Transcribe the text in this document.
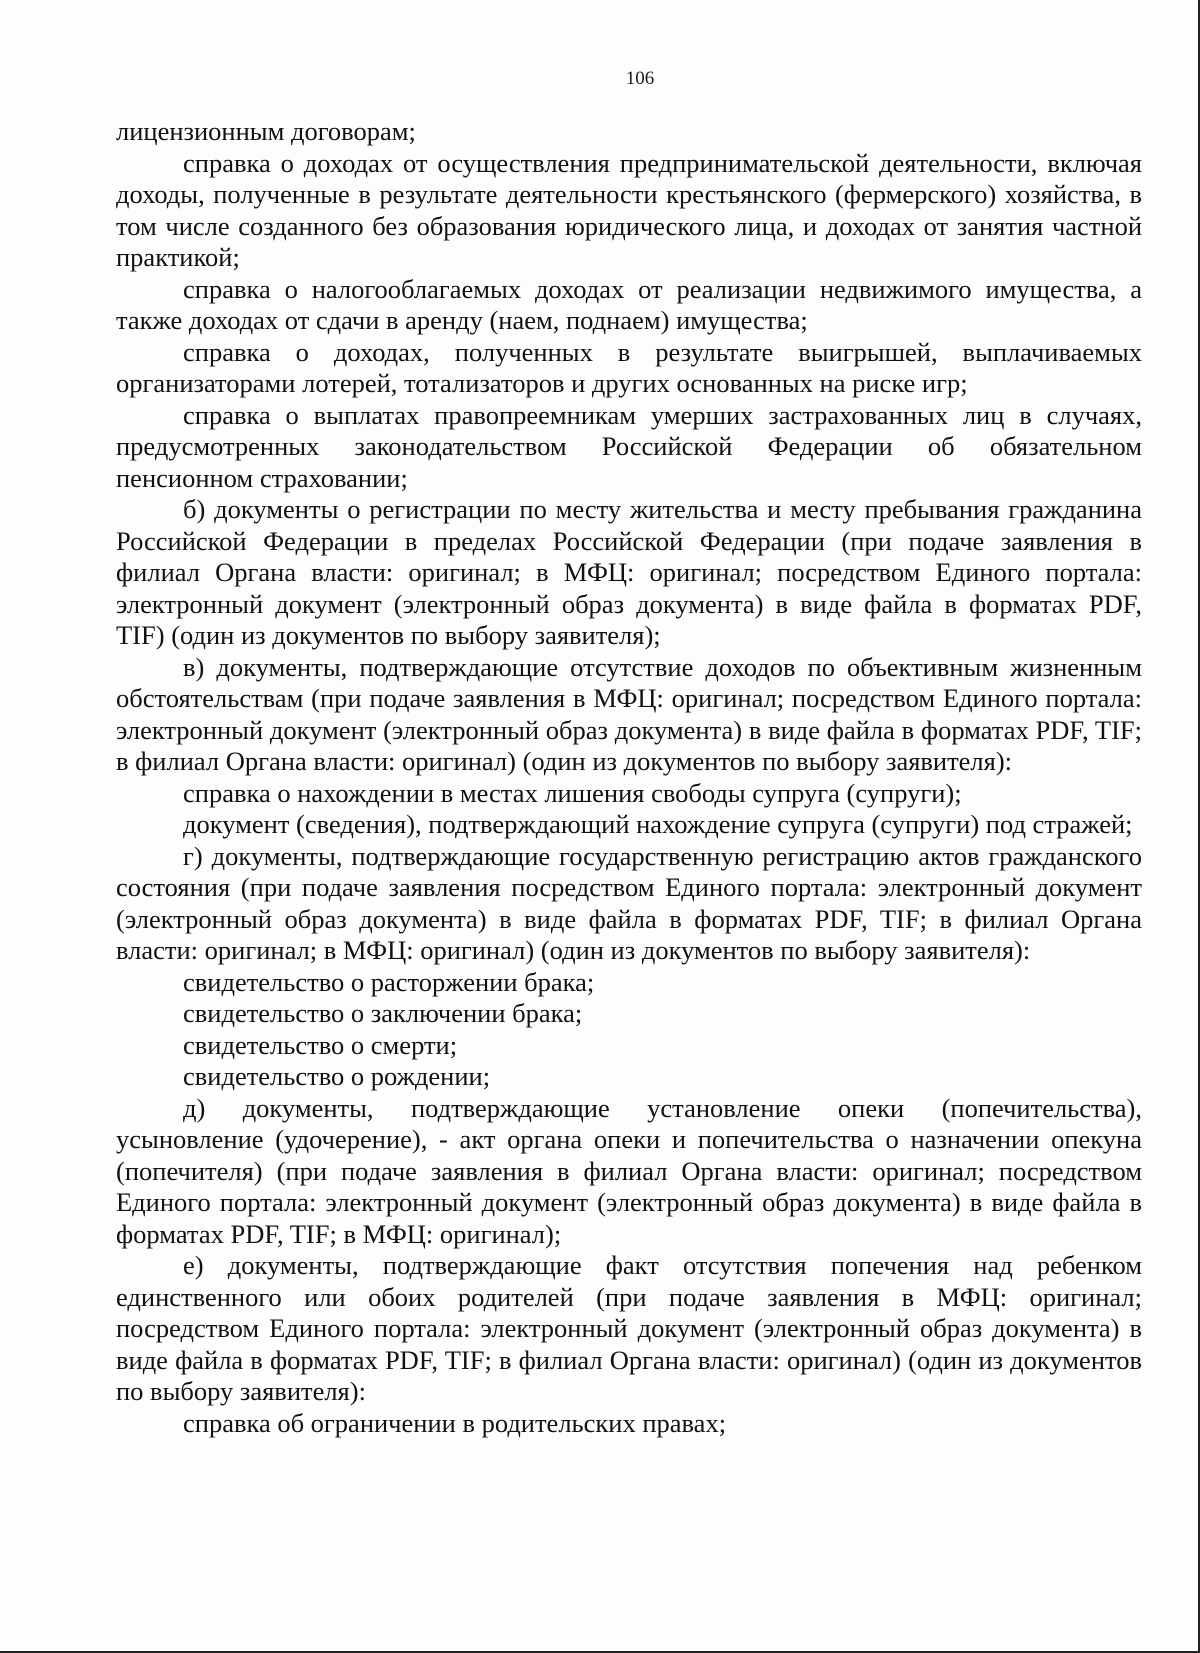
106

лицензионным договорам;

справка о доходах от осуществления предпринимательской деятельности, включая доходы, полученные в результате деятельности крестьянского (фермерского) хозяйства, в том числе созданного без образования юридического лица, и доходах от занятия частной практикой;

справка о налогооблагаемых доходах от реализации недвижимого имущества, а также доходах от сдачи в аренду (наем, поднаем) имущества;

справка о доходах, полученных в результате выигрышей, выплачиваемых организаторами лотерей, тотализаторов и других основанных на риске игр;

справка о выплатах правопреемникам умерших застрахованных лиц в случаях, предусмотренных законодательством Российской Федерации об обязательном пенсионном страховании;

б) документы о регистрации по месту жительства и месту пребывания гражданина Российской Федерации в пределах Российской Федерации (при подаче заявления в филиал Органа власти: оригинал; в МФЦ: оригинал; посредством Единого портала: электронный документ (электронный образ документа) в виде файла в форматах PDF, TIF) (один из документов по выбору заявителя);

в) документы, подтверждающие отсутствие доходов по объективным жизненным обстоятельствам (при подаче заявления в МФЦ: оригинал; посредством Единого портала: электронный документ (электронный образ документа) в виде файла в форматах PDF, TIF; в филиал Органа власти: оригинал) (один из документов по выбору заявителя):

справка о нахождении в местах лишения свободы супруга (супруги);

документ (сведения), подтверждающий нахождение супруга (супруги) под стражей;

г) документы, подтверждающие государственную регистрацию актов гражданского состояния (при подаче заявления посредством Единого портала: электронный документ (электронный образ документа) в виде файла в форматах PDF, TIF; в филиал Органа власти: оригинал; в МФЦ: оригинал) (один из документов по выбору заявителя):

свидетельство о расторжении брака;

свидетельство о заключении брака;

свидетельство о смерти;

свидетельство о рождении;

д) документы, подтверждающие установление опеки (попечительства), усыновление (удочерение), - акт органа опеки и попечительства о назначении опекуна (попечителя) (при подаче заявления в филиал Органа власти: оригинал; посредством Единого портала: электронный документ (электронный образ документа) в виде файла в форматах PDF, TIF; в МФЦ: оригинал);

е) документы, подтверждающие факт отсутствия попечения над ребенком единственного или обоих родителей (при подаче заявления в МФЦ: оригинал; посредством Единого портала: электронный документ (электронный образ документа) в виде файла в форматах PDF, TIF; в филиал Органа власти: оригинал) (один из документов по выбору заявителя):

справка об ограничении в родительских правах;
